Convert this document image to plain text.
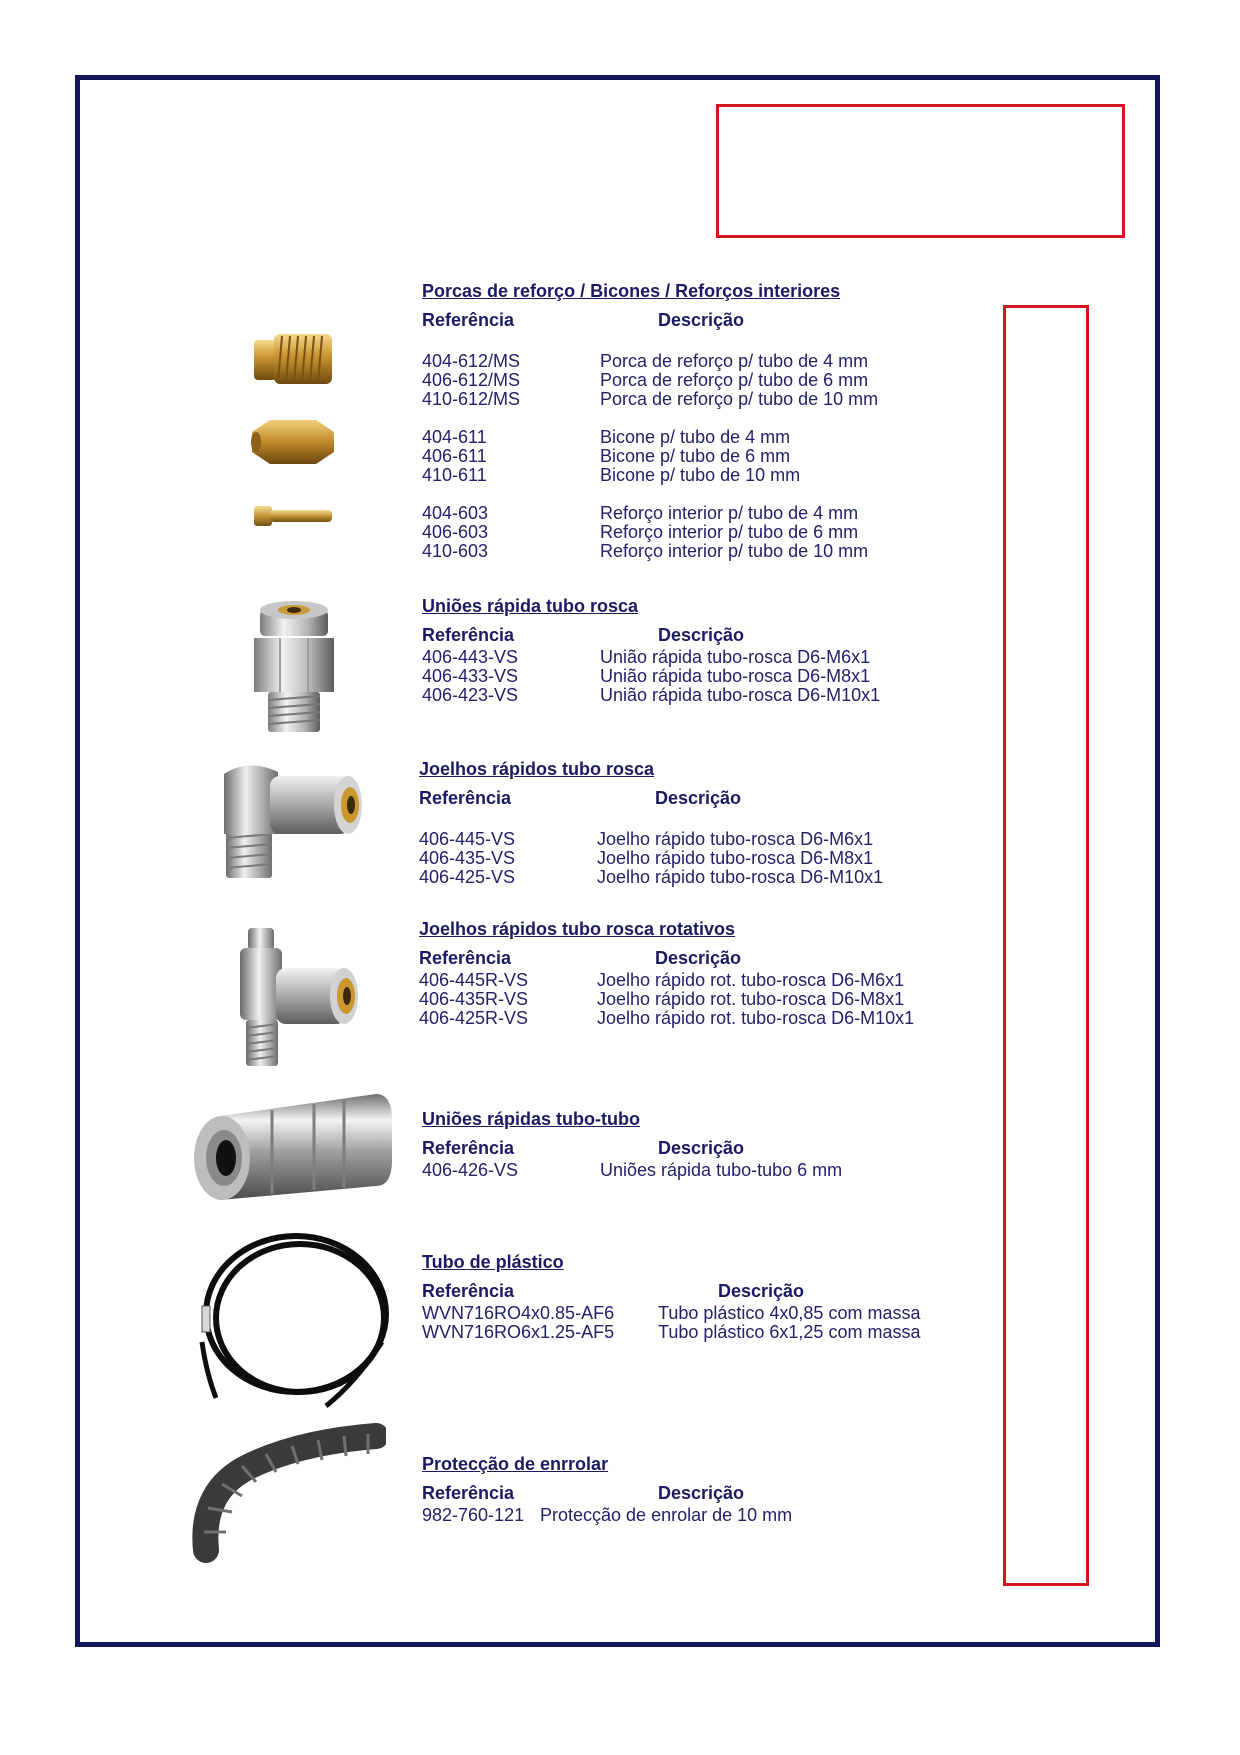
Porcas de reforço / Bicones / Reforços interiores
Referência	Descrição
404-612/MS	Porca de reforço p/ tubo de 4 mm
406-612/MS	Porca de reforço p/ tubo de 6 mm
410-612/MS	Porca de reforço p/ tubo de 10 mm
404-611	Bicone p/ tubo de 4 mm
406-611	Bicone p/ tubo de 6 mm
410-611	Bicone p/ tubo de 10 mm
404-603	Reforço interior p/ tubo de 4 mm
406-603	Reforço interior p/ tubo de 6 mm
410-603	Reforço interior p/ tubo de 10 mm
Uniões rápida tubo rosca
Referência	Descrição
406-443-VS	União rápida tubo-rosca D6-M6x1
406-433-VS	União rápida tubo-rosca D6-M8x1
406-423-VS	União rápida tubo-rosca D6-M10x1
Joelhos rápidos tubo rosca
Referência	Descrição
406-445-VS	Joelho rápido tubo-rosca D6-M6x1
406-435-VS	Joelho rápido tubo-rosca D6-M8x1
406-425-VS	Joelho rápido tubo-rosca D6-M10x1
Joelhos rápidos tubo rosca rotativos
Referência	Descrição
406-445R-VS	Joelho rápido rot. tubo-rosca D6-M6x1
406-435R-VS	Joelho rápido rot. tubo-rosca D6-M8x1
406-425R-VS	Joelho rápido rot. tubo-rosca D6-M10x1
Uniões rápidas tubo-tubo
Referência	Descrição
406-426-VS	Uniões rápida tubo-tubo 6 mm
Tubo de plástico
Referência	Descrição
WVN716RO4x0.85-AF6 Tubo plástico 4x0,85 com massa
WVN716RO6x1.25-AF5 Tubo plástico 6x1,25 com massa
Protecção de enrrolar
Referência	Descrição
982-760-121 Protecção de enrolar de 10 mm
